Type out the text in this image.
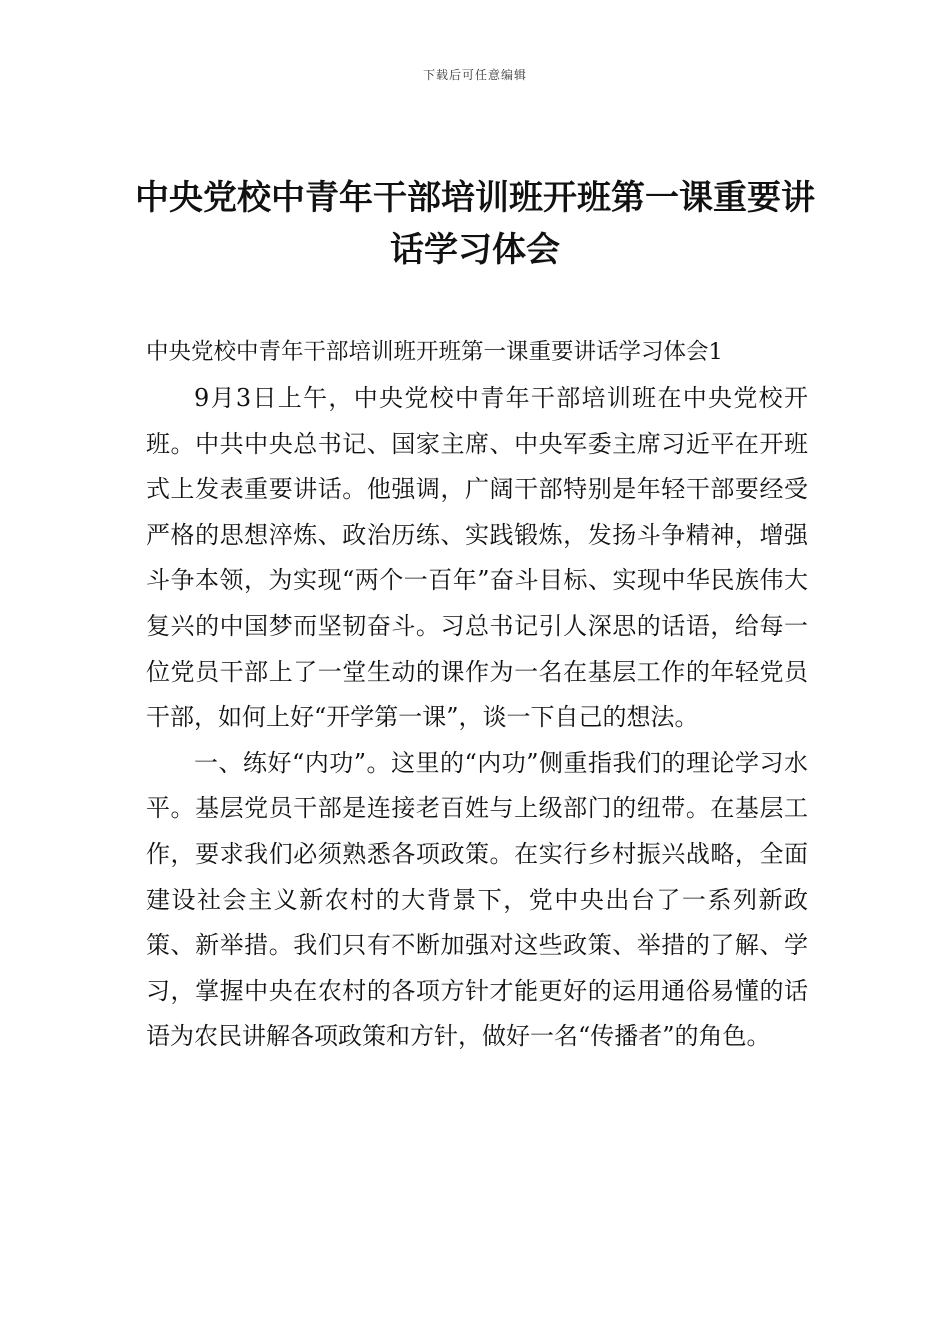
下载后可任意编辑
中央党校中青年干部培训班开班第一课重要讲话学习体会
中央党校中青年干部培训班开班第一课重要讲话学习体会1

9月3日上午，中央党校中青年干部培训班在中央党校开班。中共中央总书记、国家主席、中央军委主席习近平在开班式上发表重要讲话。他强调，广阔干部特别是年轻干部要经受严格的思想淬炼、政治历练、实践锻炼，发扬斗争精神，增强斗争本领，为实现“两个一百年”奋斗目标、实现中华民族伟大复兴的中国梦而坚韧奋斗。习总书记引人深思的话语，给每一位党员干部上了一堂生动的课作为一名在基层工作的年轻党员干部，如何上好“开学第一课”，谈一下自己的想法。

一、练好“内功”。这里的“内功”侧重指我们的理论学习水平。基层党员干部是连接老百姓与上级部门的纽带。在基层工作，要求我们必须熟悉各项政策。在实行乡村振兴战略，全面建设社会主义新农村的大背景下，党中央出台了一系列新政策、新举措。我们只有不断加强对这些政策、举措的了解、学习，掌握中央在农村的各项方针才能更好的运用通俗易懂的话语为农民讲解各项政策和方针，做好一名“传播者”的角色。
